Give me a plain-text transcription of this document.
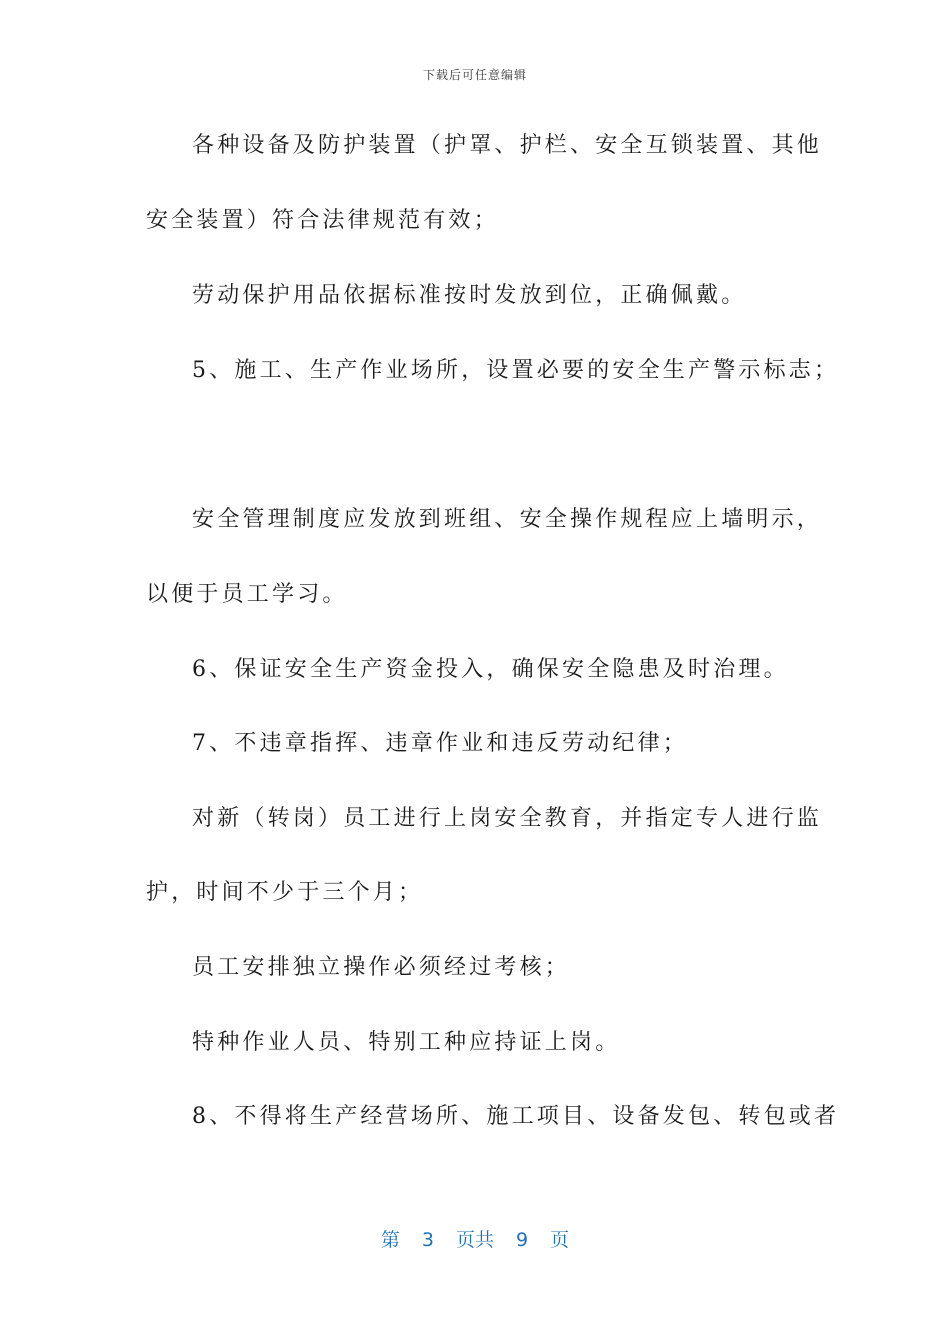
下载后可任意编辑
各种设备及防护装置（护罩、护栏、安全互锁装置、其他
安全装置）符合法律规范有效；
劳动保护用品依据标准按时发放到位，正确佩戴。
5、施工、生产作业场所，设置必要的安全生产警示标志；
安全管理制度应发放到班组、安全操作规程应上墙明示，
以便于员工学习。
6、保证安全生产资金投入，确保安全隐患及时治理。
7、不违章指挥、违章作业和违反劳动纪律；
对新（转岗）员工进行上岗安全教育，并指定专人进行监
护，时间不少于三个月；
员工安排独立操作必须经过考核；
特种作业人员、特别工种应持证上岗。
8、不得将生产经营场所、施工项目、设备发包、转包或者
第 3 页共 9 页
